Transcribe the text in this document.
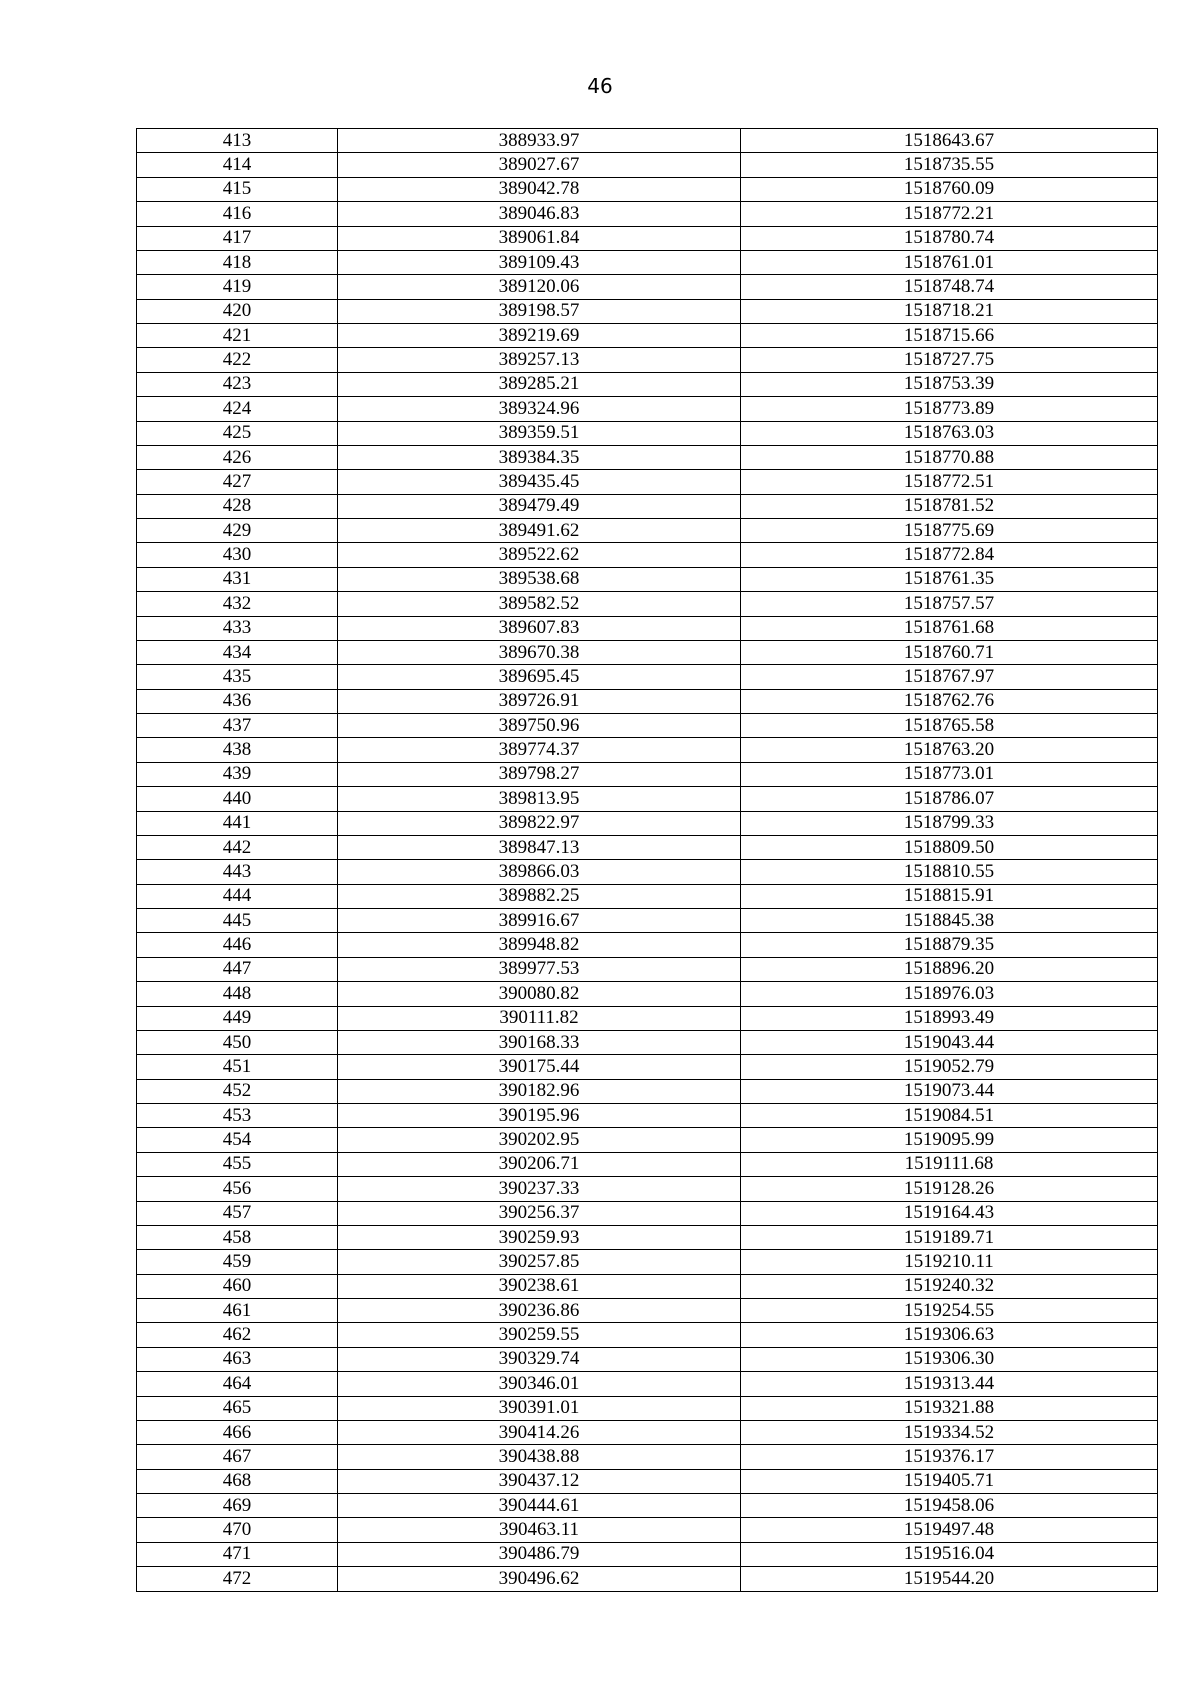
46
413	388933.97	1518643.67
414	389027.67	1518735.55
415	389042.78	1518760.09
416	389046.83	1518772.21
417	389061.84	1518780.74
418	389109.43	1518761.01
419	389120.06	1518748.74
420	389198.57	1518718.21
421	389219.69	1518715.66
422	389257.13	1518727.75
423	389285.21	1518753.39
424	389324.96	1518773.89
425	389359.51	1518763.03
426	389384.35	1518770.88
427	389435.45	1518772.51
428	389479.49	1518781.52
429	389491.62	1518775.69
430	389522.62	1518772.84
431	389538.68	1518761.35
432	389582.52	1518757.57
433	389607.83	1518761.68
434	389670.38	1518760.71
435	389695.45	1518767.97
436	389726.91	1518762.76
437	389750.96	1518765.58
438	389774.37	1518763.20
439	389798.27	1518773.01
440	389813.95	1518786.07
441	389822.97	1518799.33
442	389847.13	1518809.50
443	389866.03	1518810.55
444	389882.25	1518815.91
445	389916.67	1518845.38
446	389948.82	1518879.35
447	389977.53	1518896.20
448	390080.82	1518976.03
449	390111.82	1518993.49
450	390168.33	1519043.44
451	390175.44	1519052.79
452	390182.96	1519073.44
453	390195.96	1519084.51
454	390202.95	1519095.99
455	390206.71	1519111.68
456	390237.33	1519128.26
457	390256.37	1519164.43
458	390259.93	1519189.71
459	390257.85	1519210.11
460	390238.61	1519240.32
461	390236.86	1519254.55
462	390259.55	1519306.63
463	390329.74	1519306.30
464	390346.01	1519313.44
465	390391.01	1519321.88
466	390414.26	1519334.52
467	390438.88	1519376.17
468	390437.12	1519405.71
469	390444.61	1519458.06
470	390463.11	1519497.48
471	390486.79	1519516.04
472	390496.62	1519544.20
